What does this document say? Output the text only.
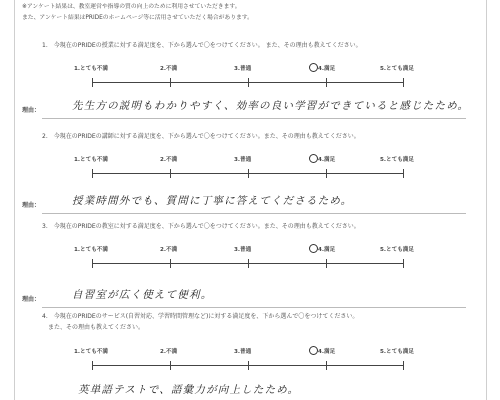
※アンケート結果は、教室運営や指導の質の向上のために利用させていただきます。
また、アンケート結果はPRIDEのホームページ等に活用させていただく場合があります。
1.　今現在のPRIDEの授業に対する満足度を、下から選んで〇をつけてください。 また、その理由も教えてください。
1.とても不満	2.不満	3.普通	4.満足	5.とても満足
理由：	先生方の説明もわかりやすく、効率の良い学習ができていると感じたため。
2.　今現在のPRIDEの講師に対する満足度を、下から選んで〇をつけてください。また、その理由も教えてください。
1.とても不満	2.不満	3.普通	4.満足	5.とても満足
理由：	授業時間外でも、質問に丁寧に答えてくださるため。
3.　今現在のPRIDEの教室に対する満足度を、下から選んで〇をつけてください。また、その理由も教えてください。
1.とても不満	2.不満	3.普通	4.満足	5.とても満足
理由：	自習室が広く使えて便利。
4.　今現在のPRIDEのサービス(自習対応、学習時間管理など)に対する満足度を、下から選んで〇をつけてください。
また、その理由も教えてください。
1.とても不満	2.不満	3.普通	4.満足	5.とても満足
英単語テストで、語彙力が向上したため。
